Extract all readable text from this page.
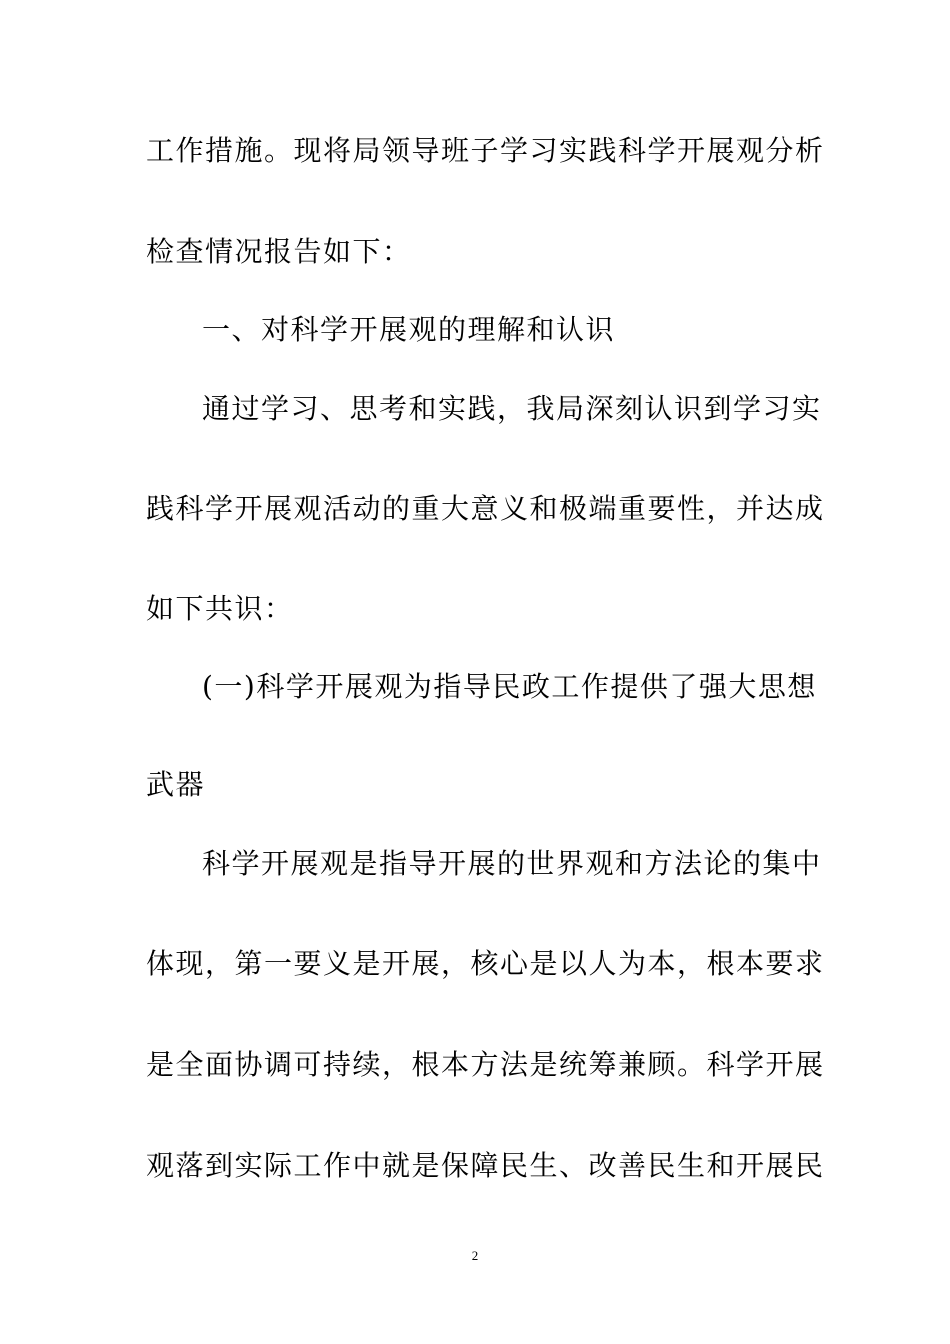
工作措施。现将局领导班子学习实践科学开展观分析
检查情况报告如下：
一、对科学开展观的理解和认识
通过学习、思考和实践，我局深刻认识到学习实
践科学开展观活动的重大意义和极端重要性，并达成
如下共识：
(一)科学开展观为指导民政工作提供了强大思想
武器
科学开展观是指导开展的世界观和方法论的集中
体现，第一要义是开展，核心是以人为本，根本要求
是全面协调可持续，根本方法是统筹兼顾。科学开展
观落到实际工作中就是保障民生、改善民生和开展民
2
